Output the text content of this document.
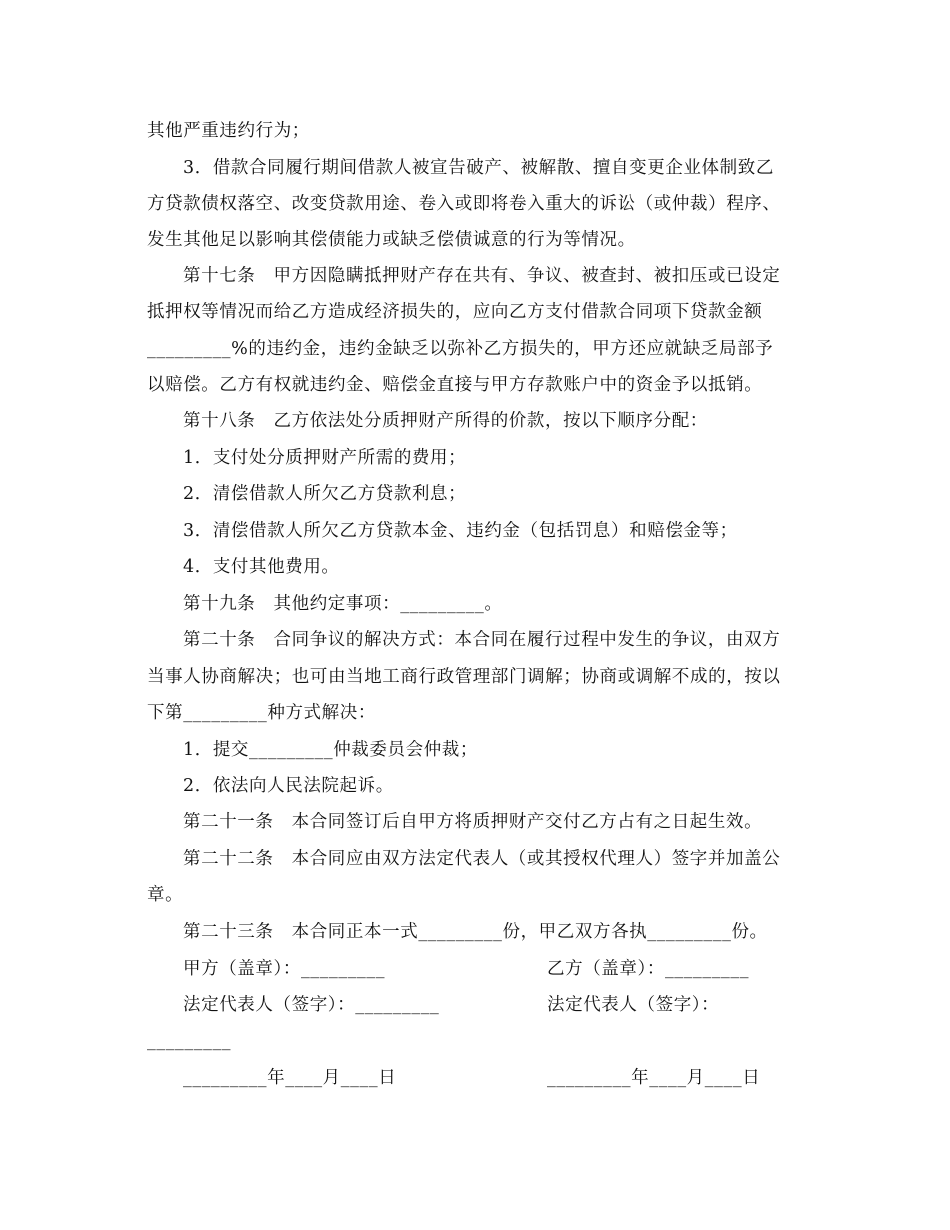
其他严重违约行为；
3．借款合同履行期间借款人被宣告破产、被解散、擅自变更企业体制致乙
方贷款债权落空、改变贷款用途、卷入或即将卷入重大的诉讼（或仲裁）程序、
发生其他足以影响其偿债能力或缺乏偿债诚意的行为等情况。
第十七条　甲方因隐瞒抵押财产存在共有、争议、被查封、被扣压或已设定
抵押权等情况而给乙方造成经济损失的，应向乙方支付借款合同项下贷款金额
_________%的违约金，违约金缺乏以弥补乙方损失的，甲方还应就缺乏局部予
以赔偿。乙方有权就违约金、赔偿金直接与甲方存款账户中的资金予以抵销。
第十八条　乙方依法处分质押财产所得的价款，按以下顺序分配：
1．支付处分质押财产所需的费用；
2．清偿借款人所欠乙方贷款利息；
3．清偿借款人所欠乙方贷款本金、违约金（包括罚息）和赔偿金等；
4．支付其他费用。
第十九条　其他约定事项：_________。
第二十条　合同争议的解决方式：本合同在履行过程中发生的争议，由双方
当事人协商解决；也可由当地工商行政管理部门调解；协商或调解不成的，按以
下第_________种方式解决：
1．提交_________仲裁委员会仲裁；
2．依法向人民法院起诉。
第二十一条　本合同签订后自甲方将质押财产交付乙方占有之日起生效。
第二十二条　本合同应由双方法定代表人（或其授权代理人）签字并加盖公
章。
第二十三条　本合同正本一式_________份，甲乙双方各执_________份。
甲方（盖章）：_________	乙方（盖章）：_________
法定代表人（签字）：_________	法定代表人（签字）：
_________
_________年____月____日	_________年____月____日
